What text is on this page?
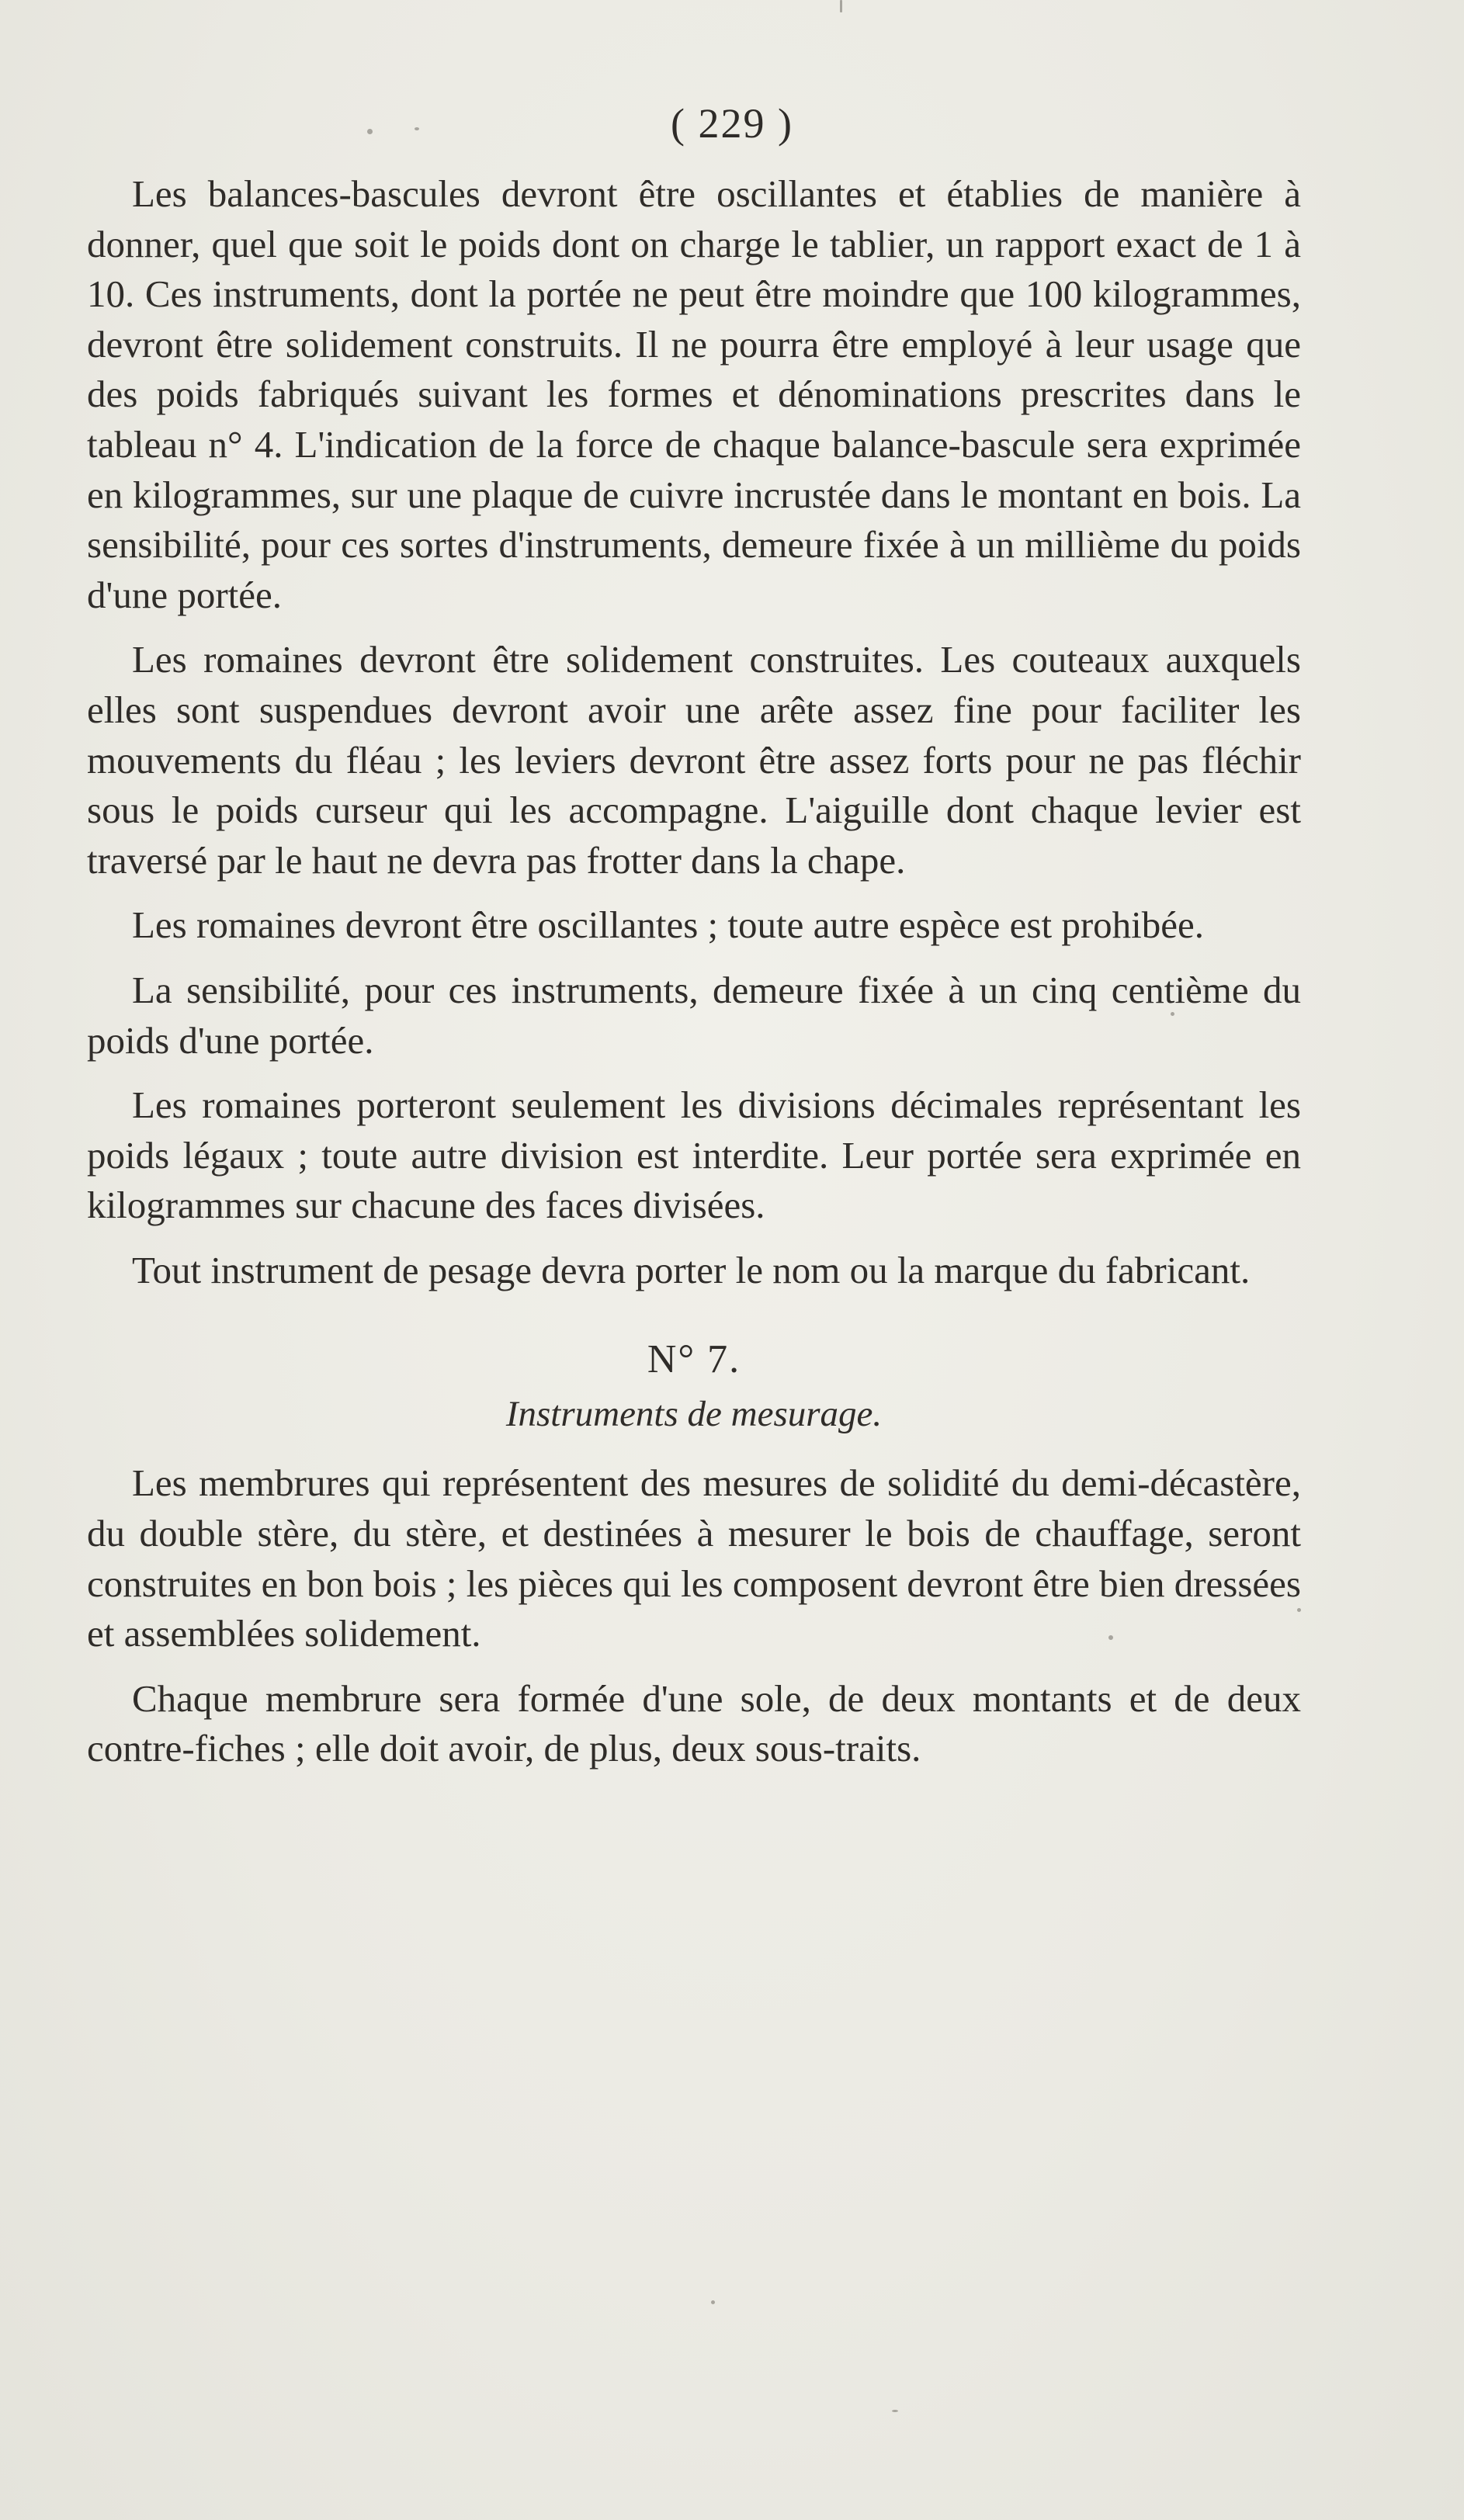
( 229 )

Les balances-bascules devront être oscillantes et établies de manière à donner, quel que soit le poids dont on charge le tablier, un rapport exact de 1 à 10. Ces instruments, dont la portée ne peut être moindre que 100 kilogrammes, devront être solidement construits. Il ne pourra être employé à leur usage que des poids fabriqués suivant les formes et dénominations prescrites dans le tableau n° 4. L'indication de la force de chaque balance-bascule sera exprimée en kilogrammes, sur une plaque de cuivre incrustée dans le montant en bois. La sensibilité, pour ces sortes d'instruments, demeure fixée à un millième du poids d'une portée.

Les romaines devront être solidement construites. Les couteaux auxquels elles sont suspendues devront avoir une arête assez fine pour faciliter les mouvements du fléau ; les leviers devront être assez forts pour ne pas fléchir sous le poids curseur qui les accompagne. L'aiguille dont chaque levier est traversé par le haut ne devra pas frotter dans la chape.

Les romaines devront être oscillantes ; toute autre espèce est prohibée.

La sensibilité, pour ces instruments, demeure fixée à un cinq centième du poids d'une portée.

Les romaines porteront seulement les divisions décimales représentant les poids légaux ; toute autre division est interdite. Leur portée sera exprimée en kilogrammes sur chacune des faces divisées.

Tout instrument de pesage devra porter le nom ou la marque du fabricant.

N° 7.
Instruments de mesurage.

Les membrures qui représentent des mesures de solidité du demi-décastère, du double stère, du stère, et destinées à mesurer le bois de chauffage, seront construites en bon bois ; les pièces qui les composent devront être bien dressées et assemblées solidement.

Chaque membrure sera formée d'une sole, de deux montants et de deux contre-fiches ; elle doit avoir, de plus, deux sous-traits.
